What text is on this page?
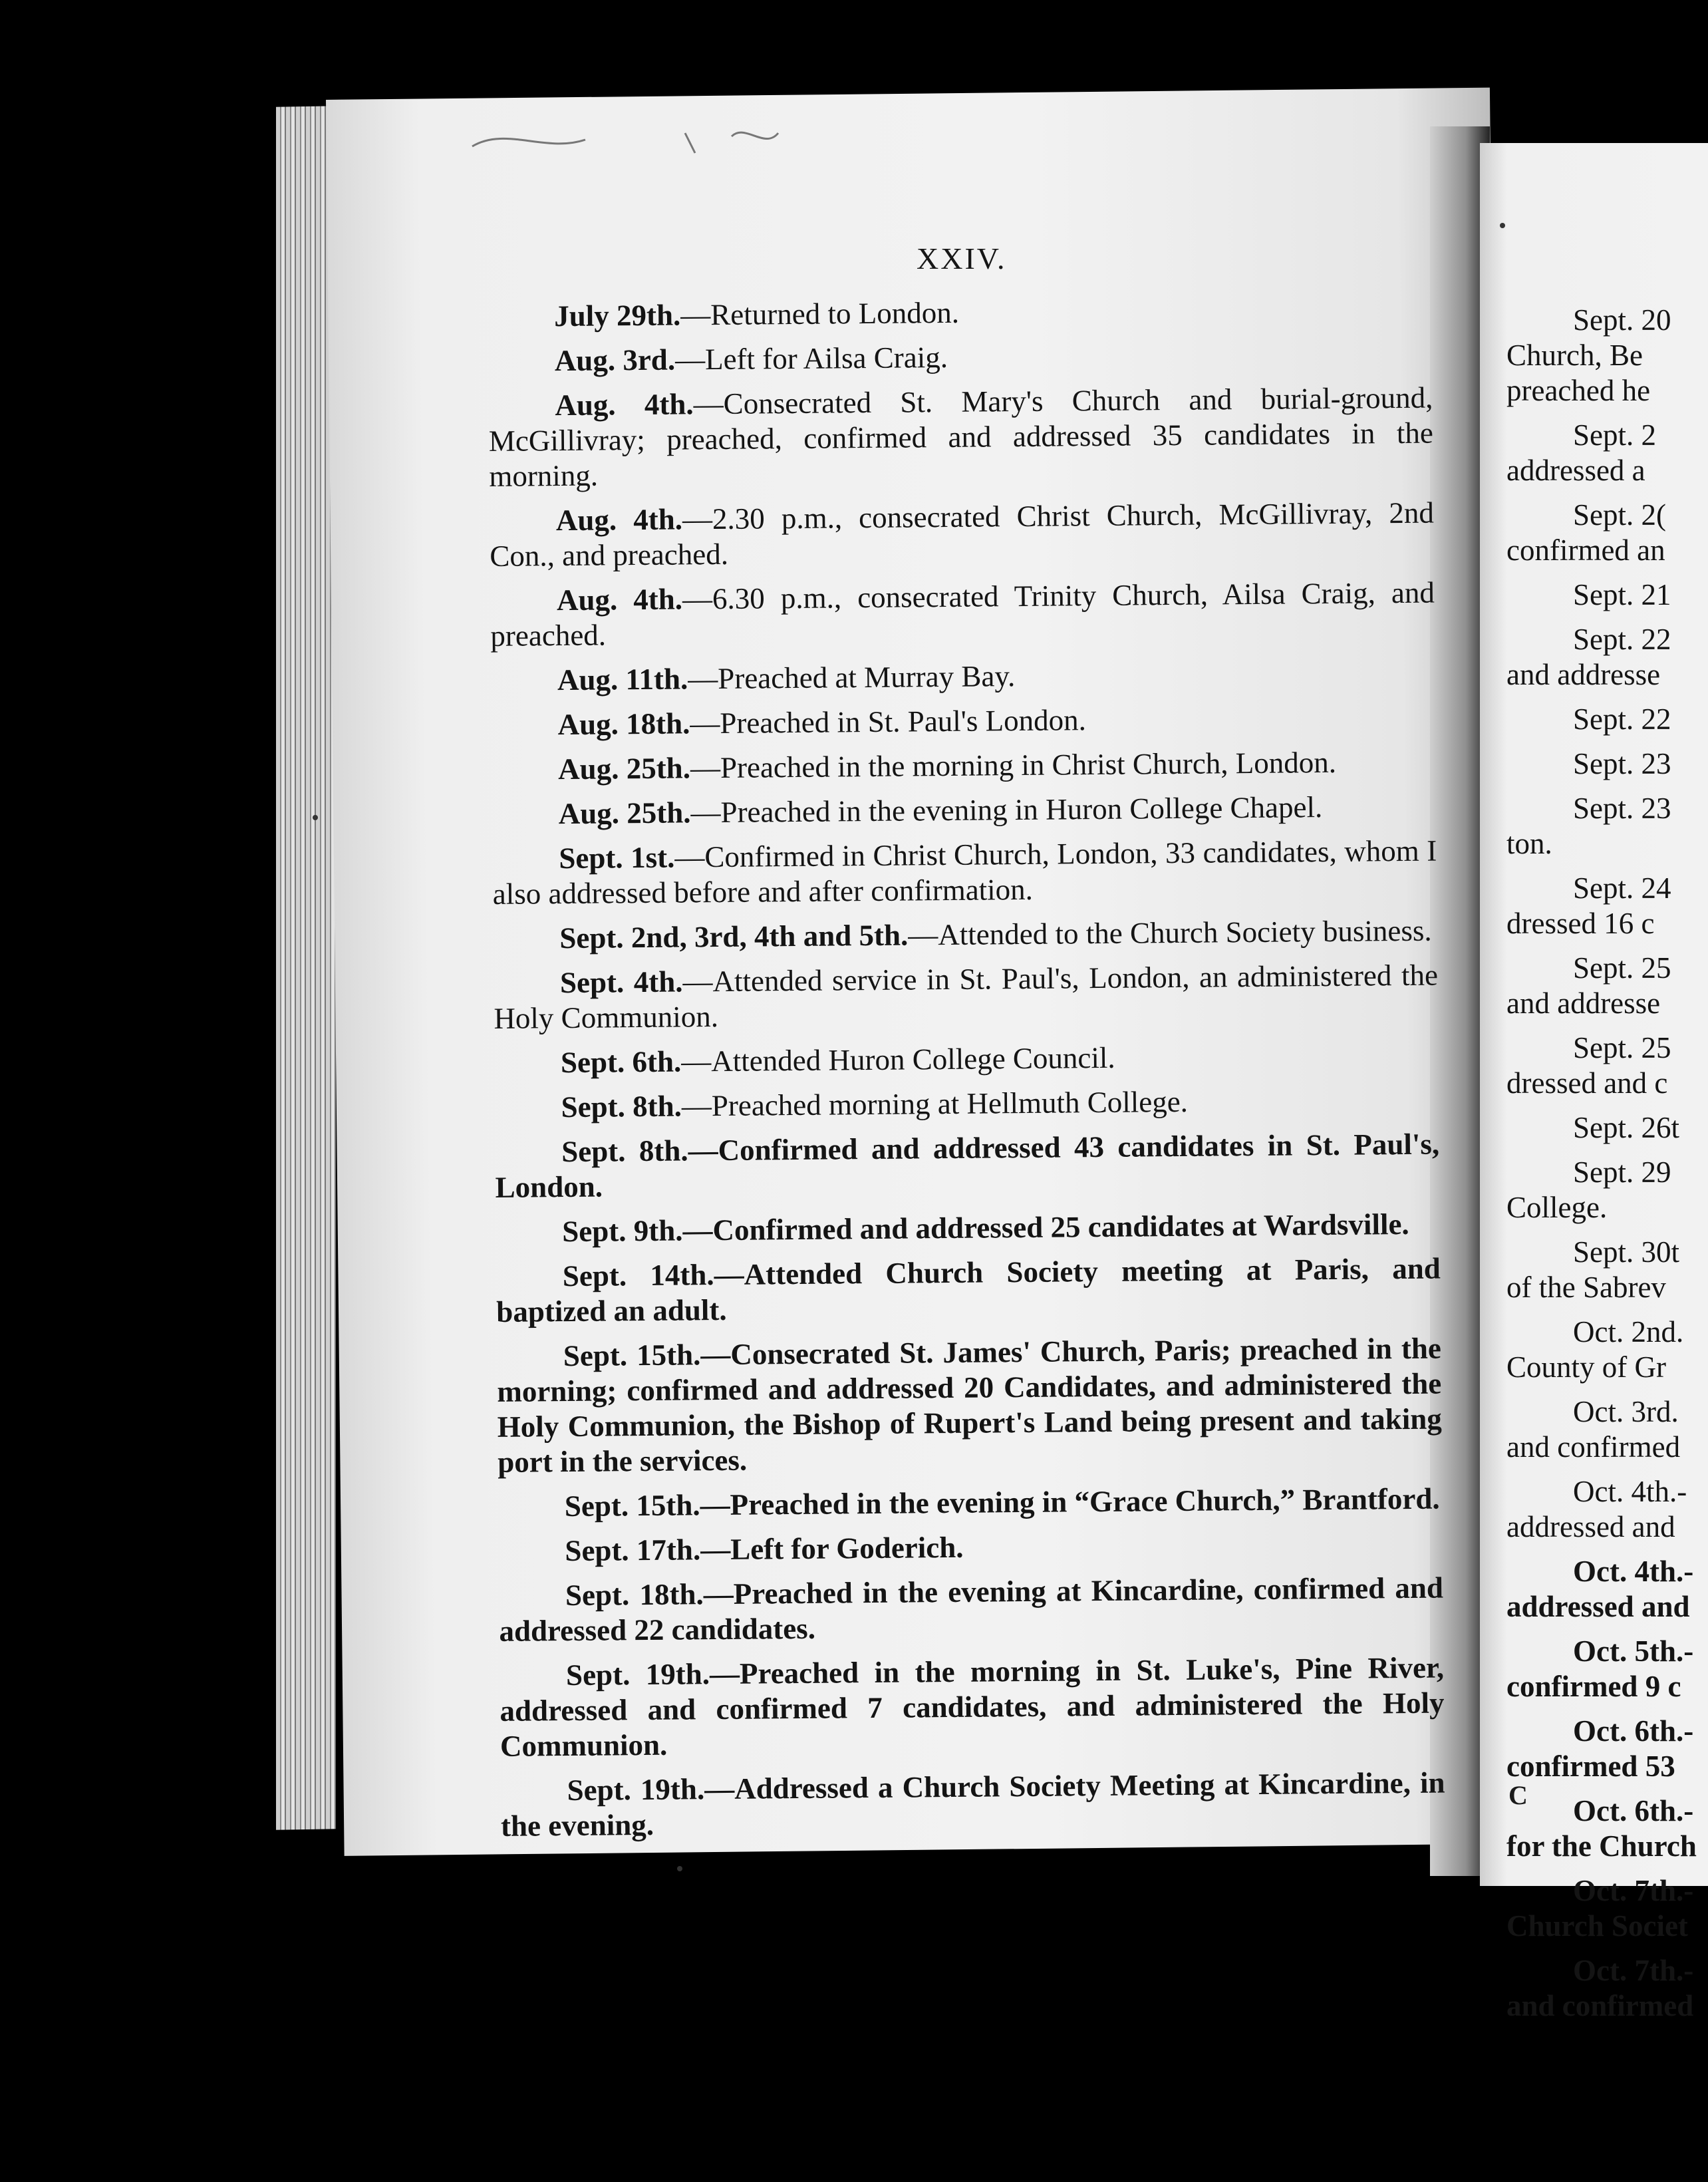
XXIV.

July 29th.—Returned to London.

Aug. 3rd.—Left for Ailsa Craig.

Aug. 4th.—Consecrated St. Mary's Church and burial-ground, McGillivray; preached, confirmed and addressed 35 candidates in the morning.

Aug. 4th.—2.30 p.m., consecrated Christ Church, McGillivray, 2nd Con., and preached.

Aug. 4th.—6.30 p.m., consecrated Trinity Church, Ailsa Craig, and preached.

Aug. 11th.—Preached at Murray Bay.

Aug. 18th.—Preached in St. Paul's London.

Aug. 25th.—Preached in the morning in Christ Church, London.

Aug. 25th.—Preached in the evening in Huron College Chapel.

Sept. 1st.—Confirmed in Christ Church, London, 33 candidates, whom I also addressed before and after confirmation.

Sept. 2nd, 3rd, 4th and 5th.—Attended to the Church Society business.

Sept. 4th.—Attended service in St. Paul's, London, an administered the Holy Communion.

Sept. 6th.—Attended Huron College Council.

Sept. 8th.—Preached morning at Hellmuth College.

Sept. 8th.—Confirmed and addressed 43 candidates in St. Paul's, London.

Sept. 9th.—Confirmed and addressed 25 candidates at Wardsville.

Sept. 14th.—Attended Church Society meeting at Paris, and baptized an adult.

Sept. 15th.—Consecrated St. James' Church, Paris; preached in the morning; confirmed and addressed 20 Candidates, and administered the Holy Communion, the Bishop of Rupert's Land being present and taking port in the services.

Sept. 15th.—Preached in the evening in “Grace Church,” Brantford.

Sept. 17th.—Left for Goderich.

Sept. 18th.—Preached in the evening at Kincardine, confirmed and addressed 22 candidates.

Sept. 19th.—Preached in the morning in St. Luke's, Pine River, addressed and confirmed 7 candidates, and administered the Holy Communion.

Sept. 19th.—Addressed a Church Society Meeting at Kincardine, in the evening.

Sept. 20
Church, Be
preached he
Sept. 2
addressed a
Sept. 2(
confirmed an
Sept. 21
Sept. 22
and addresse
Sept. 22
Sept. 23
Sept. 23
ton.
Sept. 24
dressed 16 c
Sept. 25
and addresse
Sept. 25
dressed and c
Sept. 26t
Sept. 29
College.
Sept. 30t
of the Sabrev
Oct. 2nd.
County of Gr
Oct. 3rd.
and confirmed
Oct. 4th.-
addressed and
Oct. 4th.-
addressed and
Oct. 5th.-
confirmed 9 c
Oct. 6th.-
confirmed 53
Oct. 6th.-
for the Church
Oct. 7th.-
Church Societ
Oct. 7th.-
and confirmed
C
